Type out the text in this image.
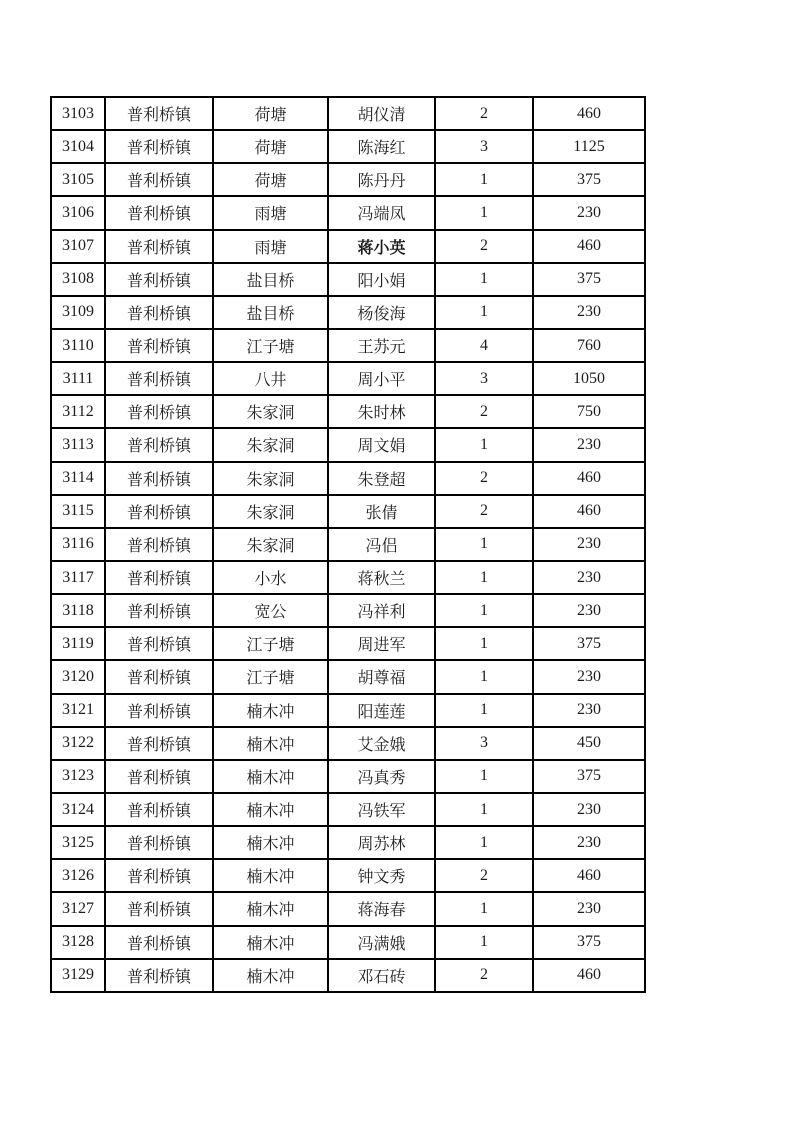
3103	普利桥镇	荷塘	胡仪清	2	460
3104	普利桥镇	荷塘	陈海红	3	1125
3105	普利桥镇	荷塘	陈丹丹	1	375
3106	普利桥镇	雨塘	冯端凤	1	230
3107	普利桥镇	雨塘	蒋小英	2	460
3108	普利桥镇	盐目桥	阳小娟	1	375
3109	普利桥镇	盐目桥	杨俊海	1	230
3110	普利桥镇	江子塘	王苏元	4	760
3111	普利桥镇	八井	周小平	3	1050
3112	普利桥镇	朱家洞	朱时林	2	750
3113	普利桥镇	朱家洞	周文娟	1	230
3114	普利桥镇	朱家洞	朱登超	2	460
3115	普利桥镇	朱家洞	张倩	2	460
3116	普利桥镇	朱家洞	冯侣	1	230
3117	普利桥镇	小水	蒋秋兰	1	230
3118	普利桥镇	宽公	冯祥利	1	230
3119	普利桥镇	江子塘	周进军	1	375
3120	普利桥镇	江子塘	胡尊福	1	230
3121	普利桥镇	楠木冲	阳莲莲	1	230
3122	普利桥镇	楠木冲	艾金娥	3	450
3123	普利桥镇	楠木冲	冯真秀	1	375
3124	普利桥镇	楠木冲	冯铁军	1	230
3125	普利桥镇	楠木冲	周苏林	1	230
3126	普利桥镇	楠木冲	钟文秀	2	460
3127	普利桥镇	楠木冲	蒋海春	1	230
3128	普利桥镇	楠木冲	冯满娥	1	375
3129	普利桥镇	楠木冲	邓石砖	2	460
